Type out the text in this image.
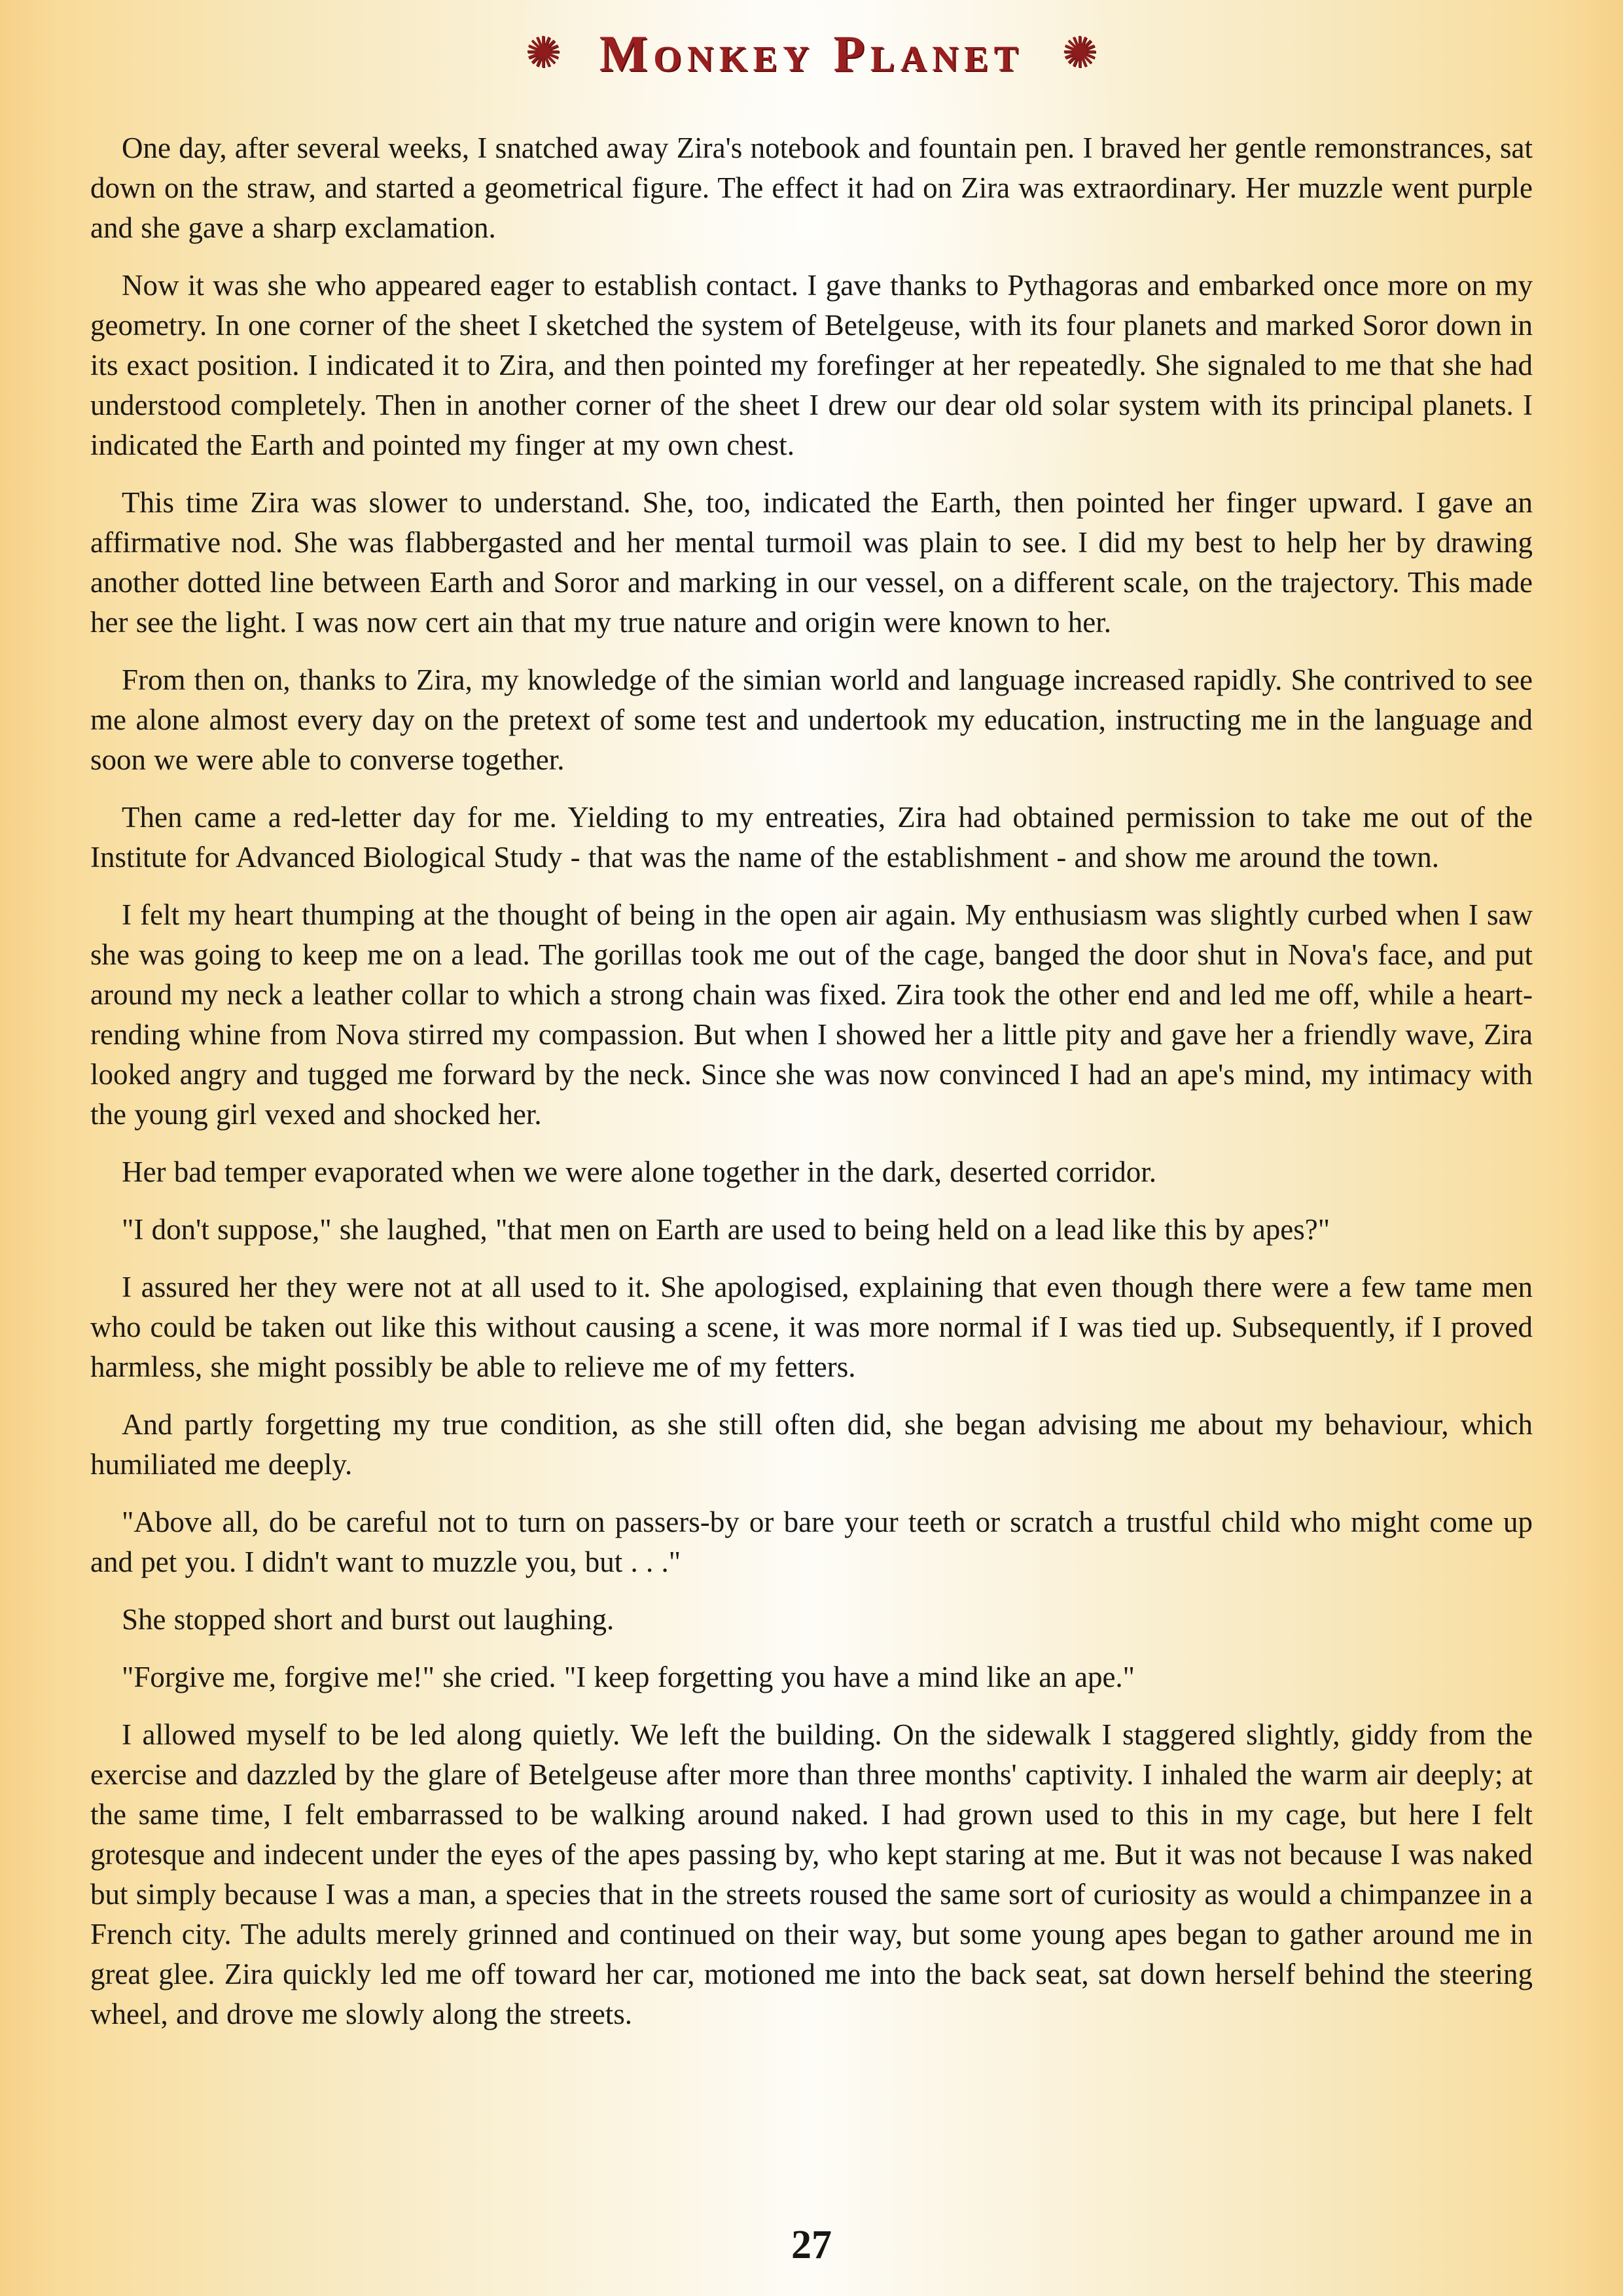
✺ Monkey Planet ✺

One day, after several weeks, I snatched away Zira's notebook and fountain pen. I braved her gentle remonstrances, sat down on the straw, and started a geometrical figure. The effect it had on Zira was extraordinary. Her muzzle went purple and she gave a sharp exclamation.

Now it was she who appeared eager to establish contact. I gave thanks to Pythagoras and embarked once more on my geometry. In one corner of the sheet I sketched the system of Betelgeuse, with its four planets and marked Soror down in its exact position. I indicated it to Zira, and then pointed my forefinger at her repeatedly. She signaled to me that she had understood completely. Then in another corner of the sheet I drew our dear old solar system with its principal planets. I indicated the Earth and pointed my finger at my own chest.

This time Zira was slower to understand. She, too, indicated the Earth, then pointed her finger upward. I gave an affirmative nod. She was flabbergasted and her mental turmoil was plain to see. I did my best to help her by drawing another dotted line between Earth and Soror and marking in our vessel, on a different scale, on the trajectory. This made her see the light. I was now cert ain that my true nature and origin were known to her.

From then on, thanks to Zira, my knowledge of the simian world and language increased rapidly. She contrived to see me alone almost every day on the pretext of some test and undertook my education, instructing me in the language and soon we were able to converse together.

Then came a red-letter day for me. Yielding to my entreaties, Zira had obtained permission to take me out of the Institute for Advanced Biological Study - that was the name of the establishment - and show me around the town.

I felt my heart thumping at the thought of being in the open air again. My enthusiasm was slightly curbed when I saw she was going to keep me on a lead. The gorillas took me out of the cage, banged the door shut in Nova's face, and put around my neck a leather collar to which a strong chain was fixed. Zira took the other end and led me off, while a heart-rending whine from Nova stirred my compassion. But when I showed her a little pity and gave her a friendly wave, Zira looked angry and tugged me forward by the neck. Since she was now convinced I had an ape's mind, my intimacy with the young girl vexed and shocked her.

Her bad temper evaporated when we were alone together in the dark, deserted corridor.

"I don't suppose," she laughed, "that men on Earth are used to being held on a lead like this by apes?"

I assured her they were not at all used to it. She apologised, explaining that even though there were a few tame men who could be taken out like this without causing a scene, it was more normal if I was tied up. Subsequently, if I proved harmless, she might possibly be able to relieve me of my fetters.

And partly forgetting my true condition, as she still often did, she began advising me about my behaviour, which humiliated me deeply.

"Above all, do be careful not to turn on passers-by or bare your teeth or scratch a trustful child who might come up and pet you. I didn't want to muzzle you, but . . ."

She stopped short and burst out laughing.

"Forgive me, forgive me!" she cried. "I keep forgetting you have a mind like an ape."

I allowed myself to be led along quietly. We left the building. On the sidewalk I staggered slightly, giddy from the exercise and dazzled by the glare of Betelgeuse after more than three months' captivity. I inhaled the warm air deeply; at the same time, I felt embarrassed to be walking around naked. I had grown used to this in my cage, but here I felt grotesque and indecent under the eyes of the apes passing by, who kept staring at me. But it was not because I was naked but simply because I was a man, a species that in the streets roused the same sort of curiosity as would a chimpanzee in a French city. The adults merely grinned and continued on their way, but some young apes began to gather around me in great glee. Zira quickly led me off toward her car, motioned me into the back seat, sat down herself behind the steering wheel, and drove me slowly along the streets.

27
